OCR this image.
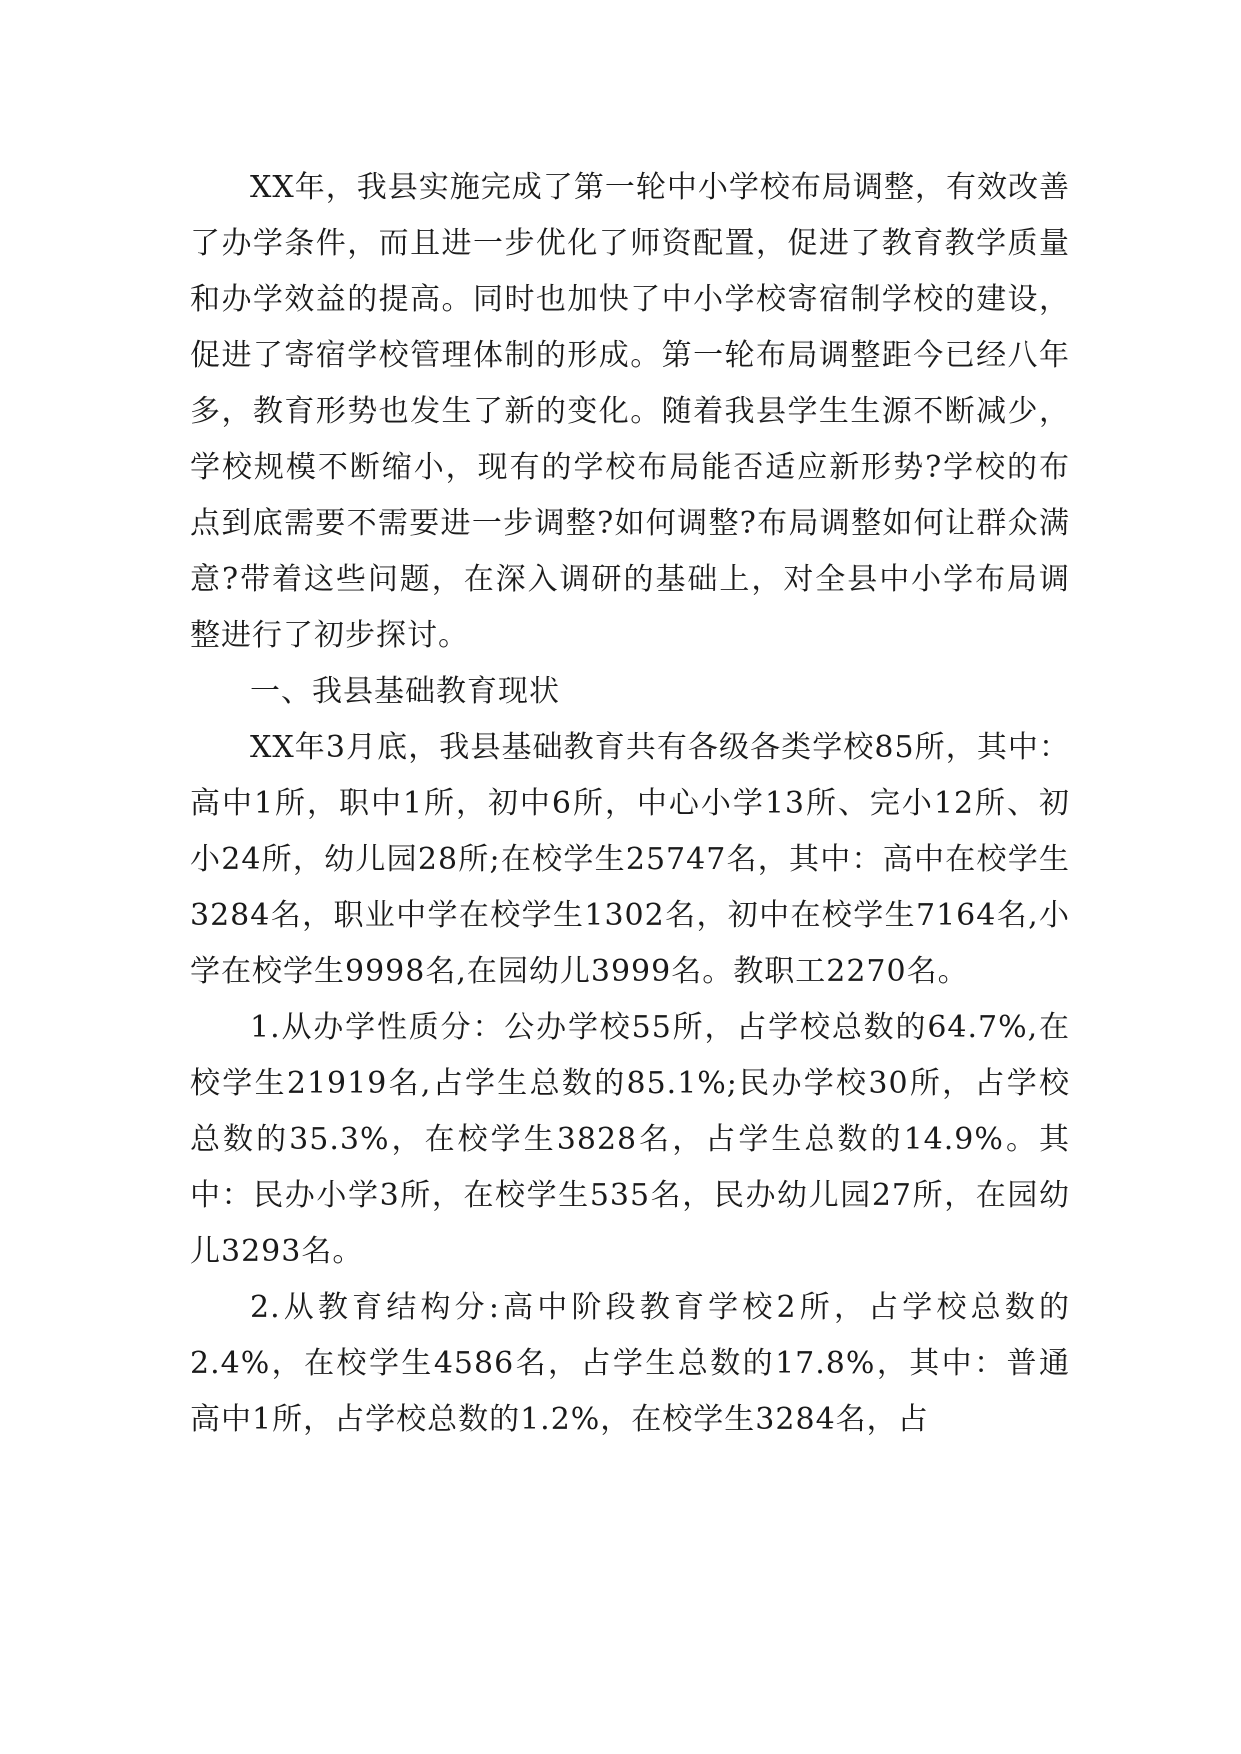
XX年，我县实施完成了第一轮中小学校布局调整，有效改善了办学条件，而且进一步优化了师资配置，促进了教育教学质量和办学效益的提高。同时也加快了中小学校寄宿制学校的建设，促进了寄宿学校管理体制的形成。第一轮布局调整距今已经八年多，教育形势也发生了新的变化。随着我县学生生源不断减少，学校规模不断缩小，现有的学校布局能否适应新形势?学校的布点到底需要不需要进一步调整?如何调整?布局调整如何让群众满意?带着这些问题，在深入调研的基础上，对全县中小学布局调整进行了初步探讨。

一、我县基础教育现状

XX年3月底，我县基础教育共有各级各类学校85所，其中：高中1所，职中1所，初中6所，中心小学13所、完小12所、初小24所，幼儿园28所;在校学生25747名，其中：高中在校学生3284名，职业中学在校学生1302名，初中在校学生7164名,小学在校学生9998名,在园幼儿3999名。教职工2270名。

1.从办学性质分：公办学校55所，占学校总数的64.7%,在校学生21919名,占学生总数的85.1%;民办学校30所，占学校总数的35.3%，在校学生3828名，占学生总数的14.9%。其中：民办小学3所，在校学生535名，民办幼儿园27所，在园幼儿3293名。

2.从教育结构分:高中阶段教育学校2所，占学校总数的2.4%，在校学生4586名，占学生总数的17.8%，其中：普通高中1所，占学校总数的1.2%，在校学生3284名，占
